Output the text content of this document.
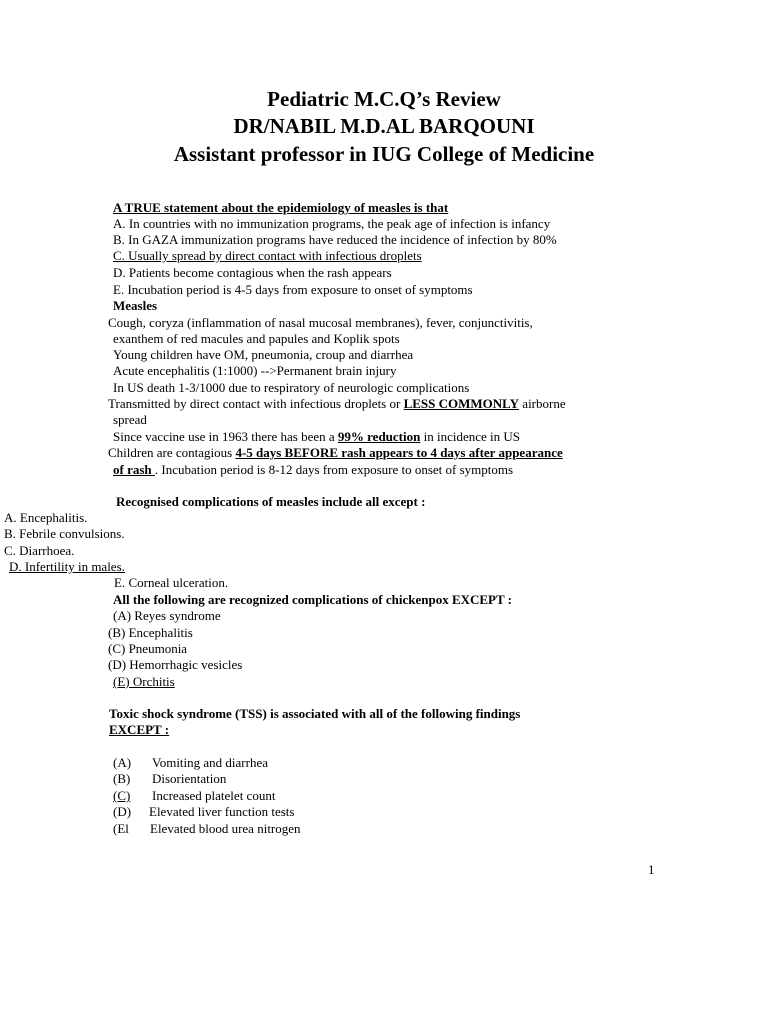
Pediatric M.C.Q’s Review
DR/NABIL M.D.AL BARQOUNI
Assistant professor in IUG College of Medicine
A TRUE statement about the epidemiology of measles is that
A. In countries with no immunization programs, the peak age of infection is infancy
B. In GAZA immunization programs have reduced the incidence of infection by 80%
C. Usually spread by direct contact with infectious droplets
D. Patients become contagious when the rash appears
E. Incubation period is 4-5 days from exposure to onset of symptoms
Measles
Cough, coryza (inflammation of nasal mucosal membranes), fever, conjunctivitis,
exanthem of red macules and papules and Koplik spots
Young children have OM, pneumonia, croup and diarrhea
Acute encephalitis (1:1000) -->Permanent brain injury
In US death 1-3/1000 due to respiratory of neurologic complications
Transmitted by direct contact with infectious droplets or LESS COMMONLY airborne
spread
Since vaccine use in 1963 there has been a 99% reduction in incidence in US
Children are contagious 4-5 days BEFORE rash appears to 4 days after appearance
of rash . Incubation period is 8-12 days from exposure to onset of symptoms
Recognised complications of measles include all except :
A. Encephalitis.
B. Febrile convulsions.
C. Diarrhoea.
D. Infertility in males.
E. Corneal ulceration.
All the following are recognized complications of chickenpox EXCEPT :
(A) Reyes syndrome
(B) Encephalitis
(C) Pneumonia
(D) Hemorrhagic vesicles
(E) Orchitis
Toxic shock syndrome (TSS) is associated with all of the following findings
EXCEPT :
(A) Vomiting and diarrhea
(B) Disorientation
(C) Increased platelet count
(D) Elevated liver function tests
(El Elevated blood urea nitrogen
1
